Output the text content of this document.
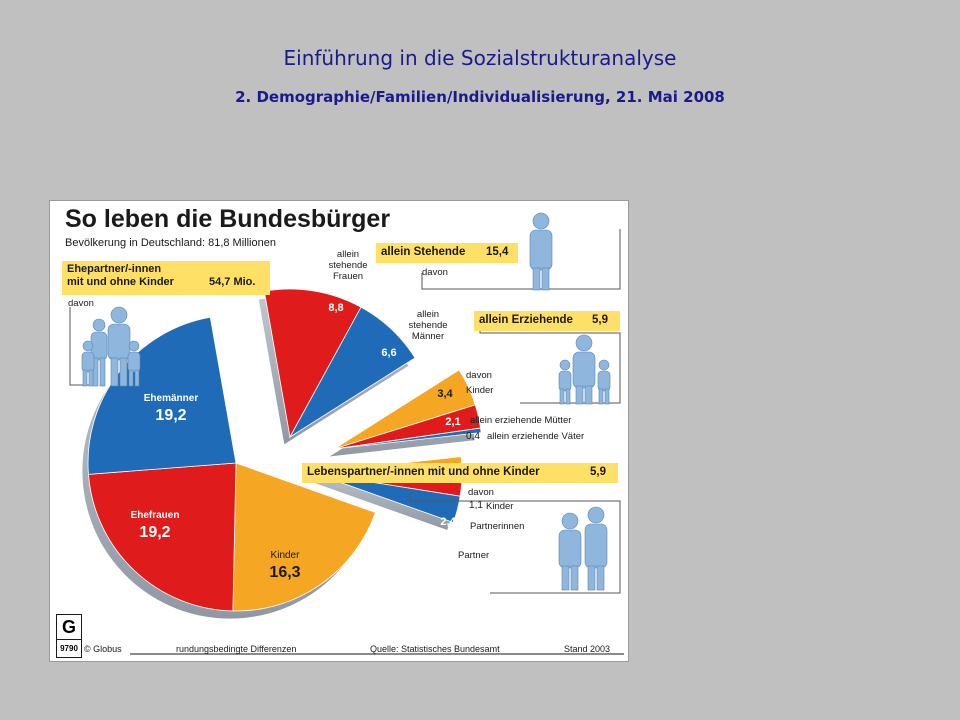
Einführung in die Sozialstrukturanalyse
2. Demographie/Familien/Individualisierung, 21. Mai 2008
So leben die Bundesbürger
Bevölkerung in Deutschland: 81,8 Millionen
Ehepartner/-innen
mit und ohne Kinder	54,7 Mio.
davon
Ehemänner
19,2
Ehefrauen
19,2
Kinder
16,3
allein Stehende 15,4
davon
allein
stehende
Frauen
allein
stehende
Männer
8,8
6,6
allein Erziehende 5,9
davon
Kinder
allein erziehende Mütter
allein erziehende Väter
3,4
2,1
0,4
Lebenspartner/-innen mit und ohne Kinder	5,9
davon
Kinder
Partnerinnen
Partner
1,1
2,4
2,4
G
9790 © Globus	rundungsbedingte Differenzen	Quelle: Statistisches Bundesamt	Stand 2003
